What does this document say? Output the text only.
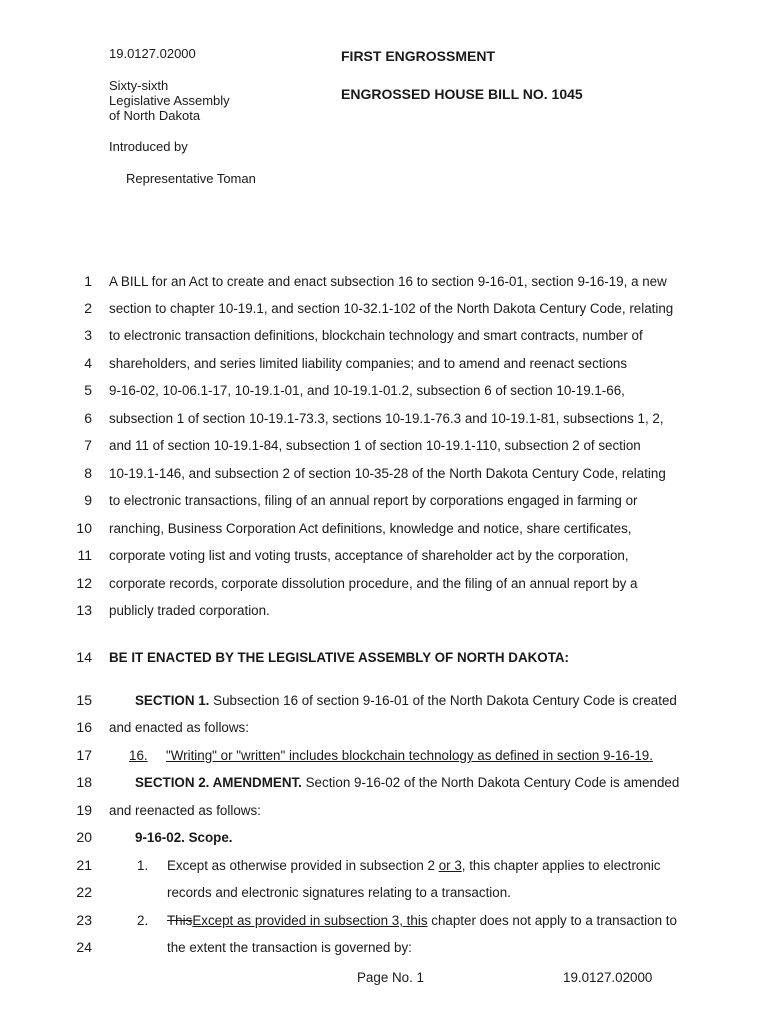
19.0127.02000	FIRST ENGROSSMENT
Sixty-sixth
Legislative Assembly
of North Dakota
ENGROSSED HOUSE BILL NO. 1045
Introduced by
Representative Toman
1 A BILL for an Act to create and enact subsection 16 to section 9-16-01, section 9-16-19, a new
2 section to chapter 10-19.1, and section 10-32.1-102 of the North Dakota Century Code, relating
3 to electronic transaction definitions, blockchain technology and smart contracts, number of
4 shareholders, and series limited liability companies; and to amend and reenact sections
5 9-16-02, 10-06.1-17, 10-19.1-01, and 10-19.1-01.2, subsection 6 of section 10-19.1-66,
6 subsection 1 of section 10-19.1-73.3, sections 10-19.1-76.3 and 10-19.1-81, subsections 1, 2,
7 and 11 of section 10-19.1-84, subsection 1 of section 10-19.1-110, subsection 2 of section
8 10-19.1-146, and subsection 2 of section 10-35-28 of the North Dakota Century Code, relating
9 to electronic transactions, filing of an annual report by corporations engaged in farming or
10 ranching, Business Corporation Act definitions, knowledge and notice, share certificates,
11 corporate voting list and voting trusts, acceptance of shareholder act by the corporation,
12 corporate records, corporate dissolution procedure, and the filing of an annual report by a
13 publicly traded corporation.
14 BE IT ENACTED BY THE LEGISLATIVE ASSEMBLY OF NORTH DAKOTA:
15	SECTION 1. Subsection 16 of section 9-16-01 of the North Dakota Century Code is created
16 and enacted as follows:
17	16. "Writing" or "written" includes blockchain technology as defined in section 9-16-19.
18	SECTION 2. AMENDMENT. Section 9-16-02 of the North Dakota Century Code is amended
19 and reenacted as follows:
20	9-16-02. Scope.
21	1. Except as otherwise provided in subsection 2 or 3, this chapter applies to electronic
22	records and electronic signatures relating to a transaction.
23	2. ThisExcept as provided in subsection 3, this chapter does not apply to a transaction to
24	the extent the transaction is governed by:
Page No. 1	19.0127.02000
